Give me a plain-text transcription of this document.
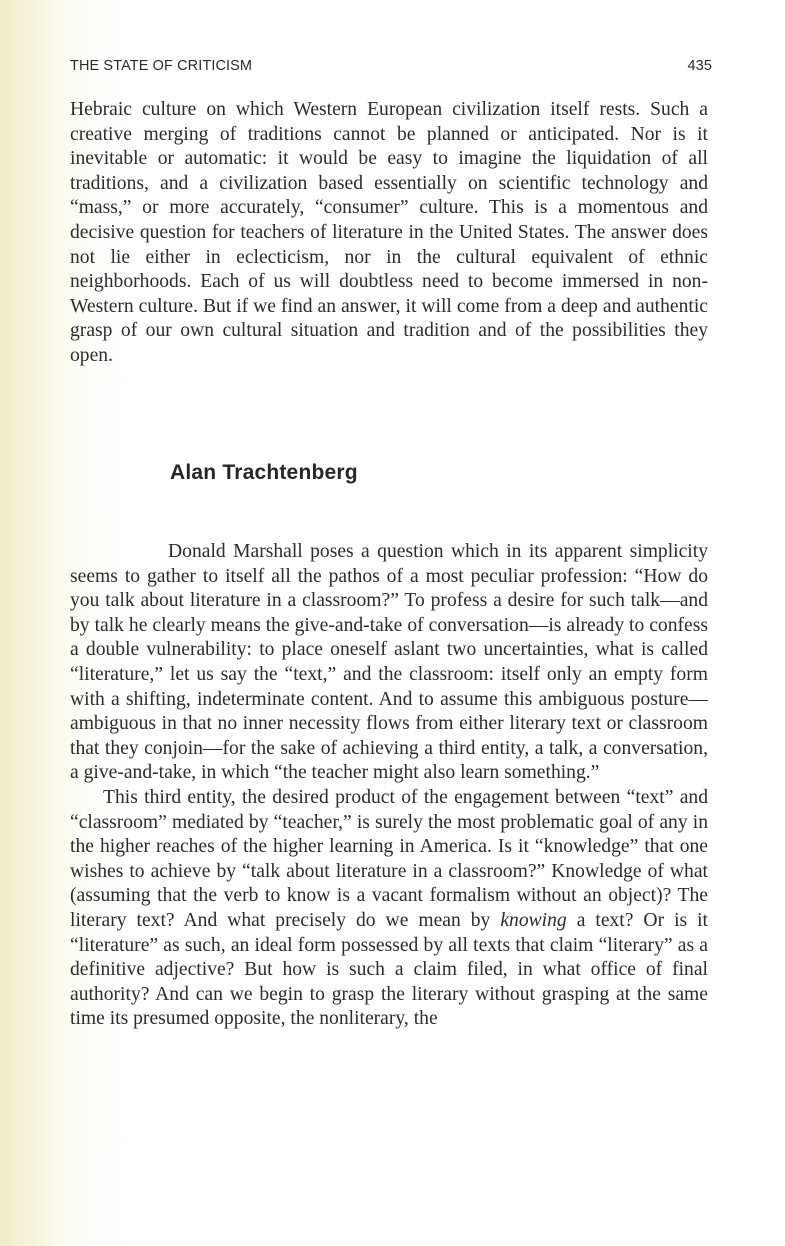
THE STATE OF CRITICISM	435

Hebraic culture on which Western European civilization itself rests. Such a creative merging of traditions cannot be planned or anticipated. Nor is it inevitable or automatic: it would be easy to imagine the liquidation of all traditions, and a civilization based essentially on scientific technology and “mass,” or more accurately, “consumer” culture. This is a momentous and decisive question for teachers of literature in the United States. The answer does not lie either in eclecticism, nor in the cultural equivalent of ethnic neighborhoods. Each of us will doubtless need to become immersed in non-Western culture. But if we find an answer, it will come from a deep and authentic grasp of our own cultural situation and tradition and of the possibilities they open.

Alan Trachtenberg

Donald Marshall poses a question which in its apparent simplicity seems to gather to itself all the pathos of a most peculiar profession: “How do you talk about literature in a classroom?” To profess a desire for such talk—and by talk he clearly means the give-and-take of conversation—is already to confess a double vulnerability: to place oneself aslant two uncertainties, what is called “literature,” let us say the “text,” and the classroom: itself only an empty form with a shifting, indeterminate content. And to assume this ambiguous posture—ambiguous in that no inner necessity flows from either literary text or classroom that they conjoin—for the sake of achieving a third entity, a talk, a conversation, a give-and-take, in which “the teacher might also learn something.”

This third entity, the desired product of the engagement between “text” and “classroom” mediated by “teacher,” is surely the most problematic goal of any in the higher reaches of the higher learning in America. Is it “knowledge” that one wishes to achieve by “talk about literature in a classroom?” Knowledge of what (assuming that the verb to know is a vacant formalism without an object)? The literary text? And what precisely do we mean by knowing a text? Or is it “literature” as such, an ideal form possessed by all texts that claim “literary” as a definitive adjective? But how is such a claim filed, in what office of final authority? And can we begin to grasp the literary without grasping at the same time its presumed opposite, the nonliterary, the
